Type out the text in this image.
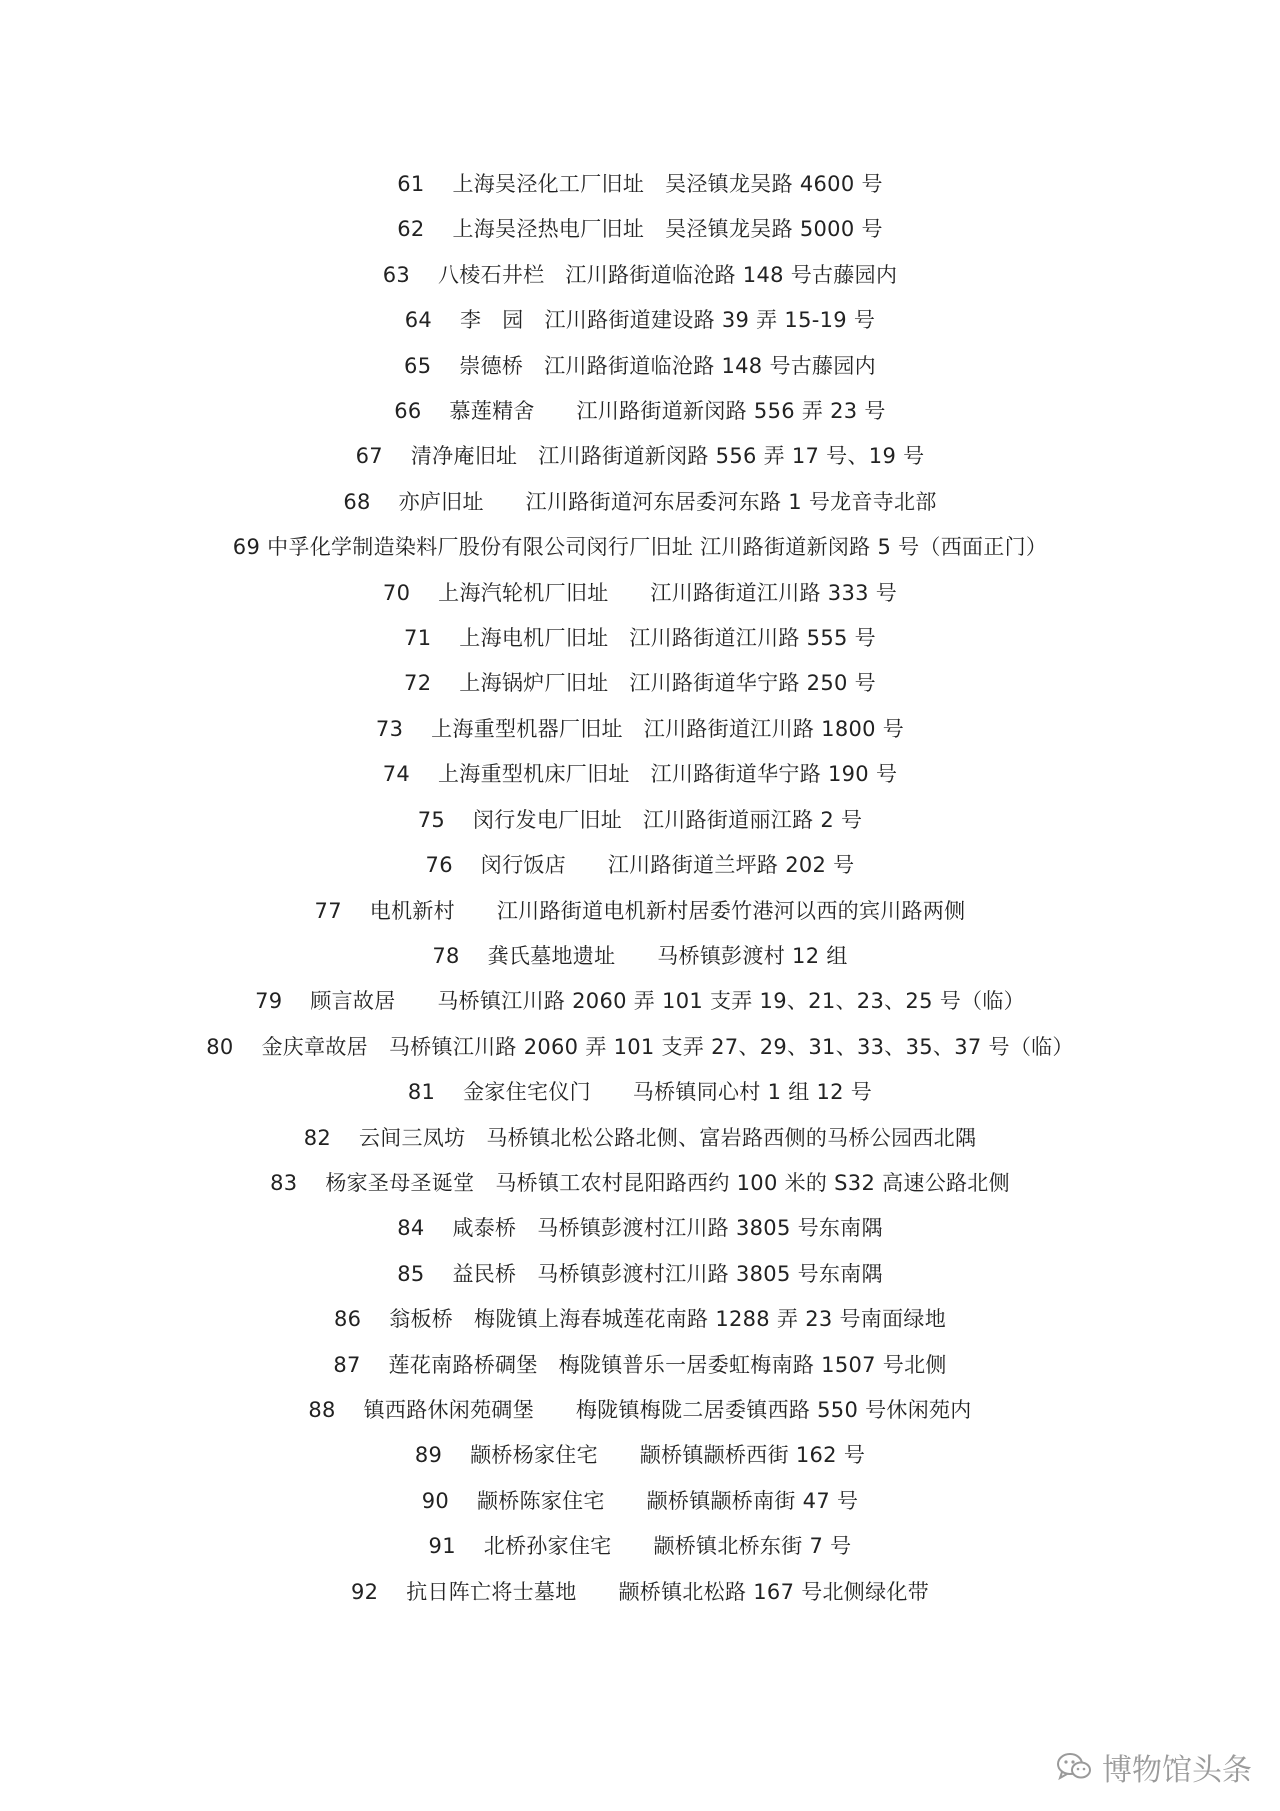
61 上海吴泾化工厂旧址 吴泾镇龙吴路 4600 号
62 上海吴泾热电厂旧址 吴泾镇龙吴路 5000 号
63 八棱石井栏 江川路街道临沧路 148 号古藤园内
64 李   园 江川路街道建设路 39 弄 15-19 号
65 崇德桥 江川路街道临沧路 148 号古藤园内
66 慕莲精舍 江川路街道新闵路 556 弄 23 号
67 清净庵旧址 江川路街道新闵路 556 弄 17 号、19 号
68 亦庐旧址 江川路街道河东居委河东路 1 号龙音寺北部
69 中孚化学制造染料厂股份有限公司闵行厂旧址 江川路街道新闵路 5 号（西面正门）
70 上海汽轮机厂旧址 江川路街道江川路 333 号
71 上海电机厂旧址 江川路街道江川路 555 号
72 上海锅炉厂旧址 江川路街道华宁路 250 号
73 上海重型机器厂旧址 江川路街道江川路 1800 号
74 上海重型机床厂旧址 江川路街道华宁路 190 号
75 闵行发电厂旧址 江川路街道丽江路 2 号
76 闵行饭店 江川路街道兰坪路 202 号
77 电机新村 江川路街道电机新村居委竹港河以西的宾川路两侧
78 龚氏墓地遗址 马桥镇彭渡村 12 组
79 顾言故居 马桥镇江川路 2060 弄 101 支弄 19、21、23、25 号（临）
80 金庆章故居 马桥镇江川路 2060 弄 101 支弄 27、29、31、33、35、37 号（临）
81 金家住宅仪门 马桥镇同心村 1 组 12 号
82 云间三凤坊 马桥镇北松公路北侧、富岩路西侧的马桥公园西北隅
83 杨家圣母圣诞堂 马桥镇工农村昆阳路西约 100 米的 S32 高速公路北侧
84 咸泰桥 马桥镇彭渡村江川路 3805 号东南隅
85 益民桥 马桥镇彭渡村江川路 3805 号东南隅
86 翁板桥 梅陇镇上海春城莲花南路 1288 弄 23 号南面绿地
87 莲花南路桥碉堡 梅陇镇普乐一居委虹梅南路 1507 号北侧
88 镇西路休闲苑碉堡 梅陇镇梅陇二居委镇西路 550 号休闲苑内
89 颛桥杨家住宅 颛桥镇颛桥西街 162 号
90 颛桥陈家住宅 颛桥镇颛桥南街 47 号
91 北桥孙家住宅 颛桥镇北桥东街 7 号
92 抗日阵亡将士墓地 颛桥镇北松路 167 号北侧绿化带
博物馆头条
